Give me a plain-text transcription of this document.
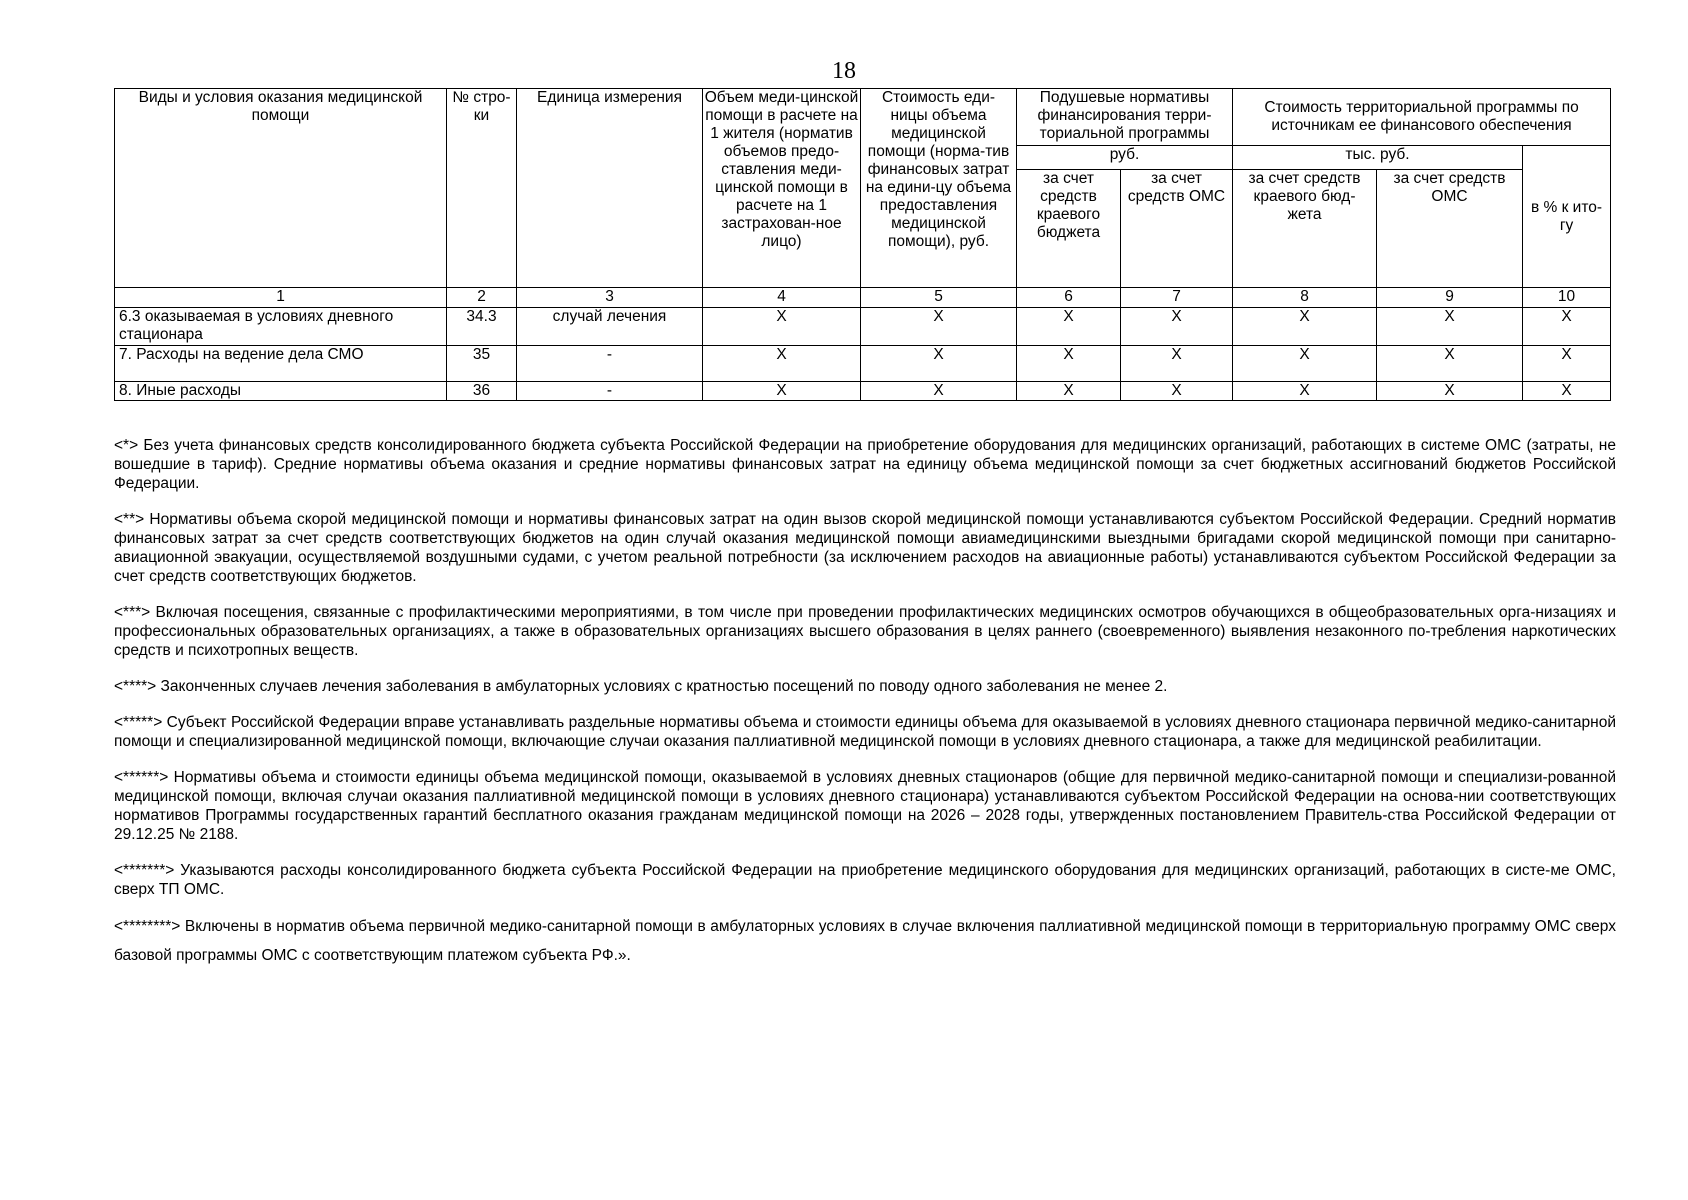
18
Виды и условия оказания медицинской помощи	№ стро-ки	Единица измерения	Объем меди-цинской помощи в расчете на 1 жителя (норматив объемов предо-ставления меди-цинской помощи в расчете на 1 застрахован-ное лицо)	Стоимость еди-ницы объема медицинской помощи (норма-тив финансовых затрат на едини-цу объема предоставления медицинской помощи), руб.	Подушевые нормативы финансирования терри-ториальной программы		Стоимость территориальной программы по источникам ее финансового обеспечения		
					руб.		тыс. руб.		в % к ито-гу
					за счет средств краевого бюджета	за счет средств ОМС	за счет средств краевого бюд-жета	за счет средств ОМС	
1	2	3	4	5	6	7	8	9	10
6.3 оказываемая в условиях дневного стационара	34.3	случай лечения	X	X	X	X	X	X	X
7. Расходы на ведение дела СМО	35	-	X	X	X	X	X	X	X
8. Иные расходы	36	-	X	X	X	X	X	X	X

<*> Без учета финансовых средств консолидированного бюджета субъекта Российской Федерации на приобретение оборудования для медицинских организаций, работающих в системе ОМС (затраты, не вошедшие в тариф). Средние нормативы объема оказания и средние нормативы финансовых затрат на единицу объема медицинской помощи за счет бюджетных ассигнований бюджетов Российской Федерации.

<**> Нормативы объема скорой медицинской помощи и нормативы финансовых затрат на один вызов скорой медицинской помощи устанавливаются субъектом Российской Федерации. Средний норматив финансовых затрат за счет средств соответствующих бюджетов на один случай оказания медицинской помощи авиамедицинскими выездными бригадами скорой медицинской помощи при санитарно-авиационной эвакуации, осуществляемой воздушными судами, с учетом реальной потребности (за исключением расходов на авиационные работы) устанавливаются субъектом Российской Федерации за счет средств соответствующих бюджетов.

<***> Включая посещения, связанные с профилактическими мероприятиями, в том числе при проведении профилактических медицинских осмотров обучающихся в общеобразовательных орга-низациях и профессиональных образовательных организациях, а также в образовательных организациях высшего образования в целях раннего (своевременного) выявления незаконного по-требления наркотических средств и психотропных веществ.

<****> Законченных случаев лечения заболевания в амбулаторных условиях с кратностью посещений по поводу одного заболевания не менее 2.

<*****> Субъект Российской Федерации вправе устанавливать раздельные нормативы объема и стоимости единицы объема для оказываемой в условиях дневного стационара первичной медико-санитарной помощи и специализированной медицинской помощи, включающие случаи оказания паллиативной медицинской помощи в условиях дневного стационара, а также для медицинской реабилитации.

<******> Нормативы объема и стоимости единицы объема медицинской помощи, оказываемой в условиях дневных стационаров (общие для первичной медико-санитарной помощи и специализи-рованной медицинской помощи, включая случаи оказания паллиативной медицинской помощи в условиях дневного стационара) устанавливаются субъектом Российской Федерации на основа-нии соответствующих нормативов Программы государственных гарантий бесплатного оказания гражданам медицинской помощи на 2026 – 2028 годы, утвержденных постановлением Правитель-ства Российской Федерации от 29.12.25 № 2188.

<*******> Указываются расходы консолидированного бюджета субъекта Российской Федерации на приобретение медицинского оборудования для медицинских организаций, работающих в систе-ме ОМС, сверх ТП ОМС.

<********> Включены в норматив объема первичной медико-санитарной помощи в амбулаторных условиях в случае включения паллиативной медицинской помощи в территориальную программу ОМС сверх базовой программы ОМС с соответствующим платежом субъекта РФ.».
